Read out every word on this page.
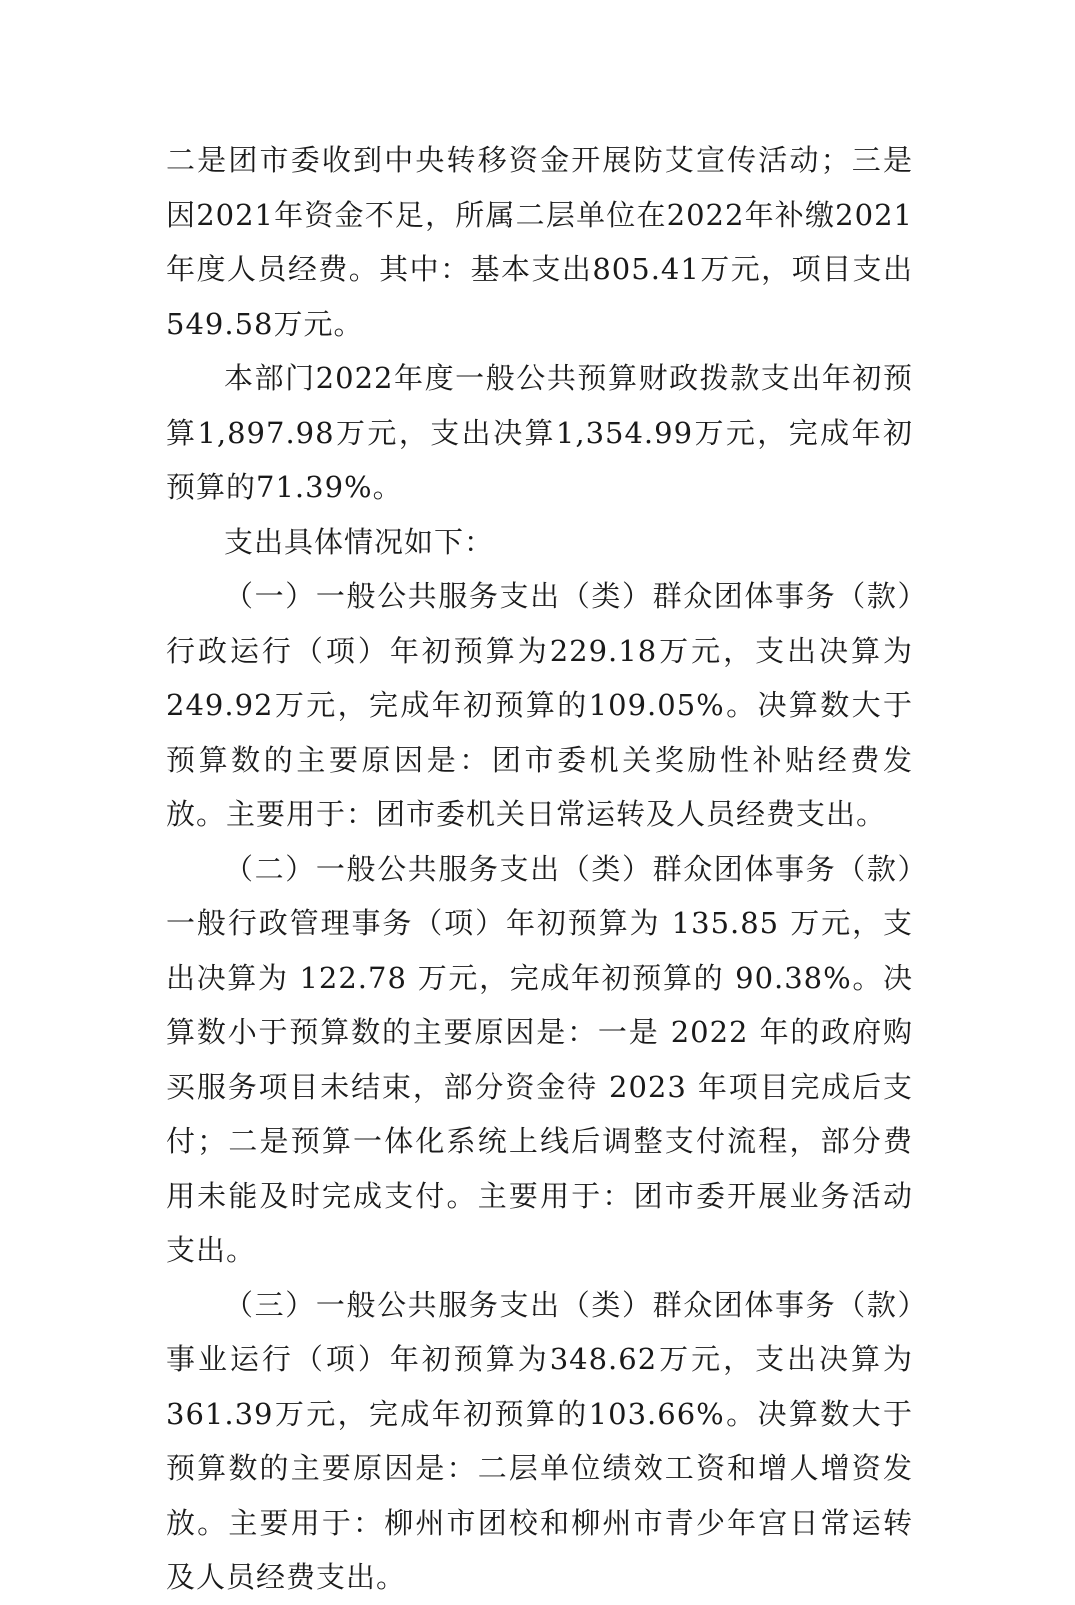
二是团市委收到中央转移资金开展防艾宣传活动；三是因2021年资金不足，所属二层单位在2022年补缴2021年度人员经费。其中：基本支出805.41万元，项目支出549.58万元。

本部门2022年度一般公共预算财政拨款支出年初预算1,897.98万元，支出决算1,354.99万元，完成年初预算的71.39%。

支出具体情况如下：

（一）一般公共服务支出（类）群众团体事务（款）行政运行（项）年初预算为229.18万元，支出决算为249.92万元，完成年初预算的109.05%。决算数大于预算数的主要原因是：团市委机关奖励性补贴经费发放。主要用于：团市委机关日常运转及人员经费支出。

（二）一般公共服务支出（类）群众团体事务（款）一般行政管理事务（项）年初预算为 135.85 万元，支出决算为 122.78 万元，完成年初预算的 90.38%。决算数小于预算数的主要原因是：一是 2022 年的政府购买服务项目未结束，部分资金待 2023 年项目完成后支付；二是预算一体化系统上线后调整支付流程，部分费用未能及时完成支付。主要用于：团市委开展业务活动支出。

（三）一般公共服务支出（类）群众团体事务（款）事业运行（项）年初预算为348.62万元，支出决算为361.39万元，完成年初预算的103.66%。决算数大于预算数的主要原因是：二层单位绩效工资和增人增资发放。主要用于：柳州市团校和柳州市青少年宫日常运转及人员经费支出。
